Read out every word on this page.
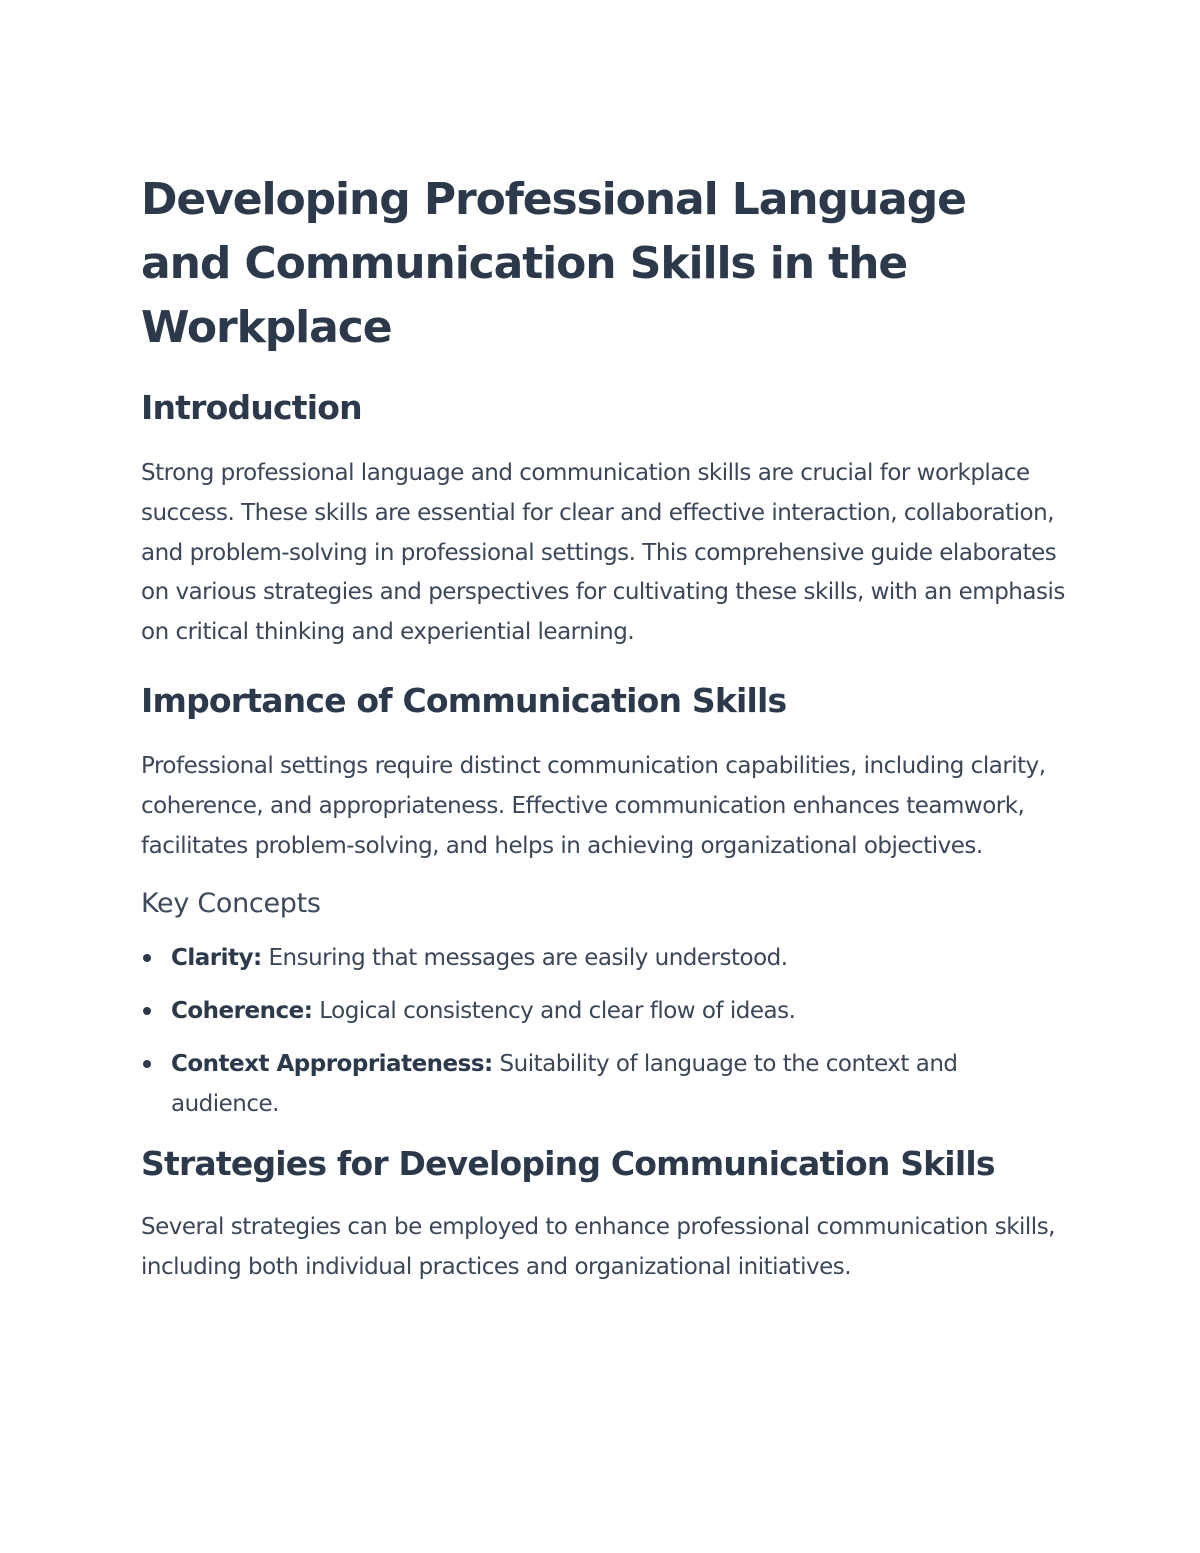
Developing Professional Language and Communication Skills in the Workplace
Introduction

Strong professional language and communication skills are crucial for workplace success. These skills are essential for clear and effective interaction, collaboration, and problem-solving in professional settings. This comprehensive guide elaborates on various strategies and perspectives for cultivating these skills, with an emphasis on critical thinking and experiential learning.

Importance of Communication Skills

Professional settings require distinct communication capabilities, including clarity, coherence, and appropriateness. Effective communication enhances teamwork, facilitates problem-solving, and helps in achieving organizational objectives.

Key Concepts
Clarity: Ensuring that messages are easily understood.
Coherence: Logical consistency and clear flow of ideas.
Context Appropriateness: Suitability of language to the context and audience.
Strategies for Developing Communication Skills

Several strategies can be employed to enhance professional communication skills, including both individual practices and organizational initiatives.
